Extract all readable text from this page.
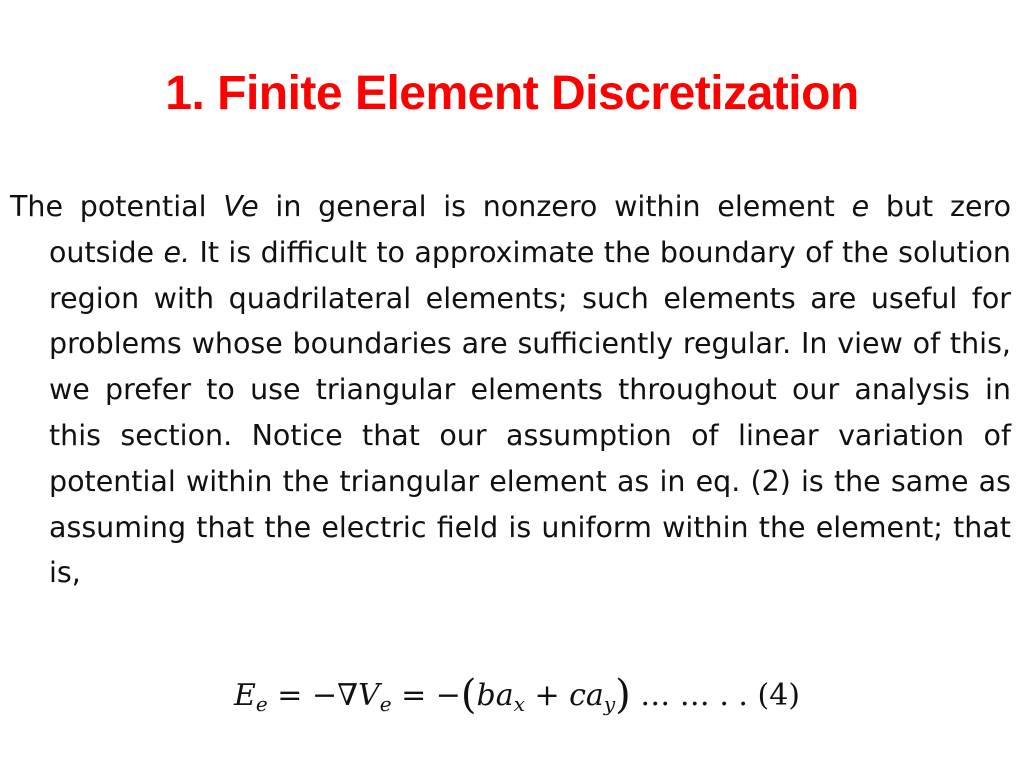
1. Finite Element Discretization
The potential Ve in general is nonzero within element e but zero outside e. It is difficult to approximate the boundary of the solution region with quadrilateral elements; such elements are useful for problems whose boundaries are sufficiently regular. In view of this, we prefer to use triangular elements throughout our analysis in this section. Notice that our assumption of linear variation of potential within the triangular element as in eq. (2) is the same as assuming that the electric field is uniform within the element; that is,
$E_e = -\nabla V_e = -(ba_x + ca_y)$ … … . . (4)
